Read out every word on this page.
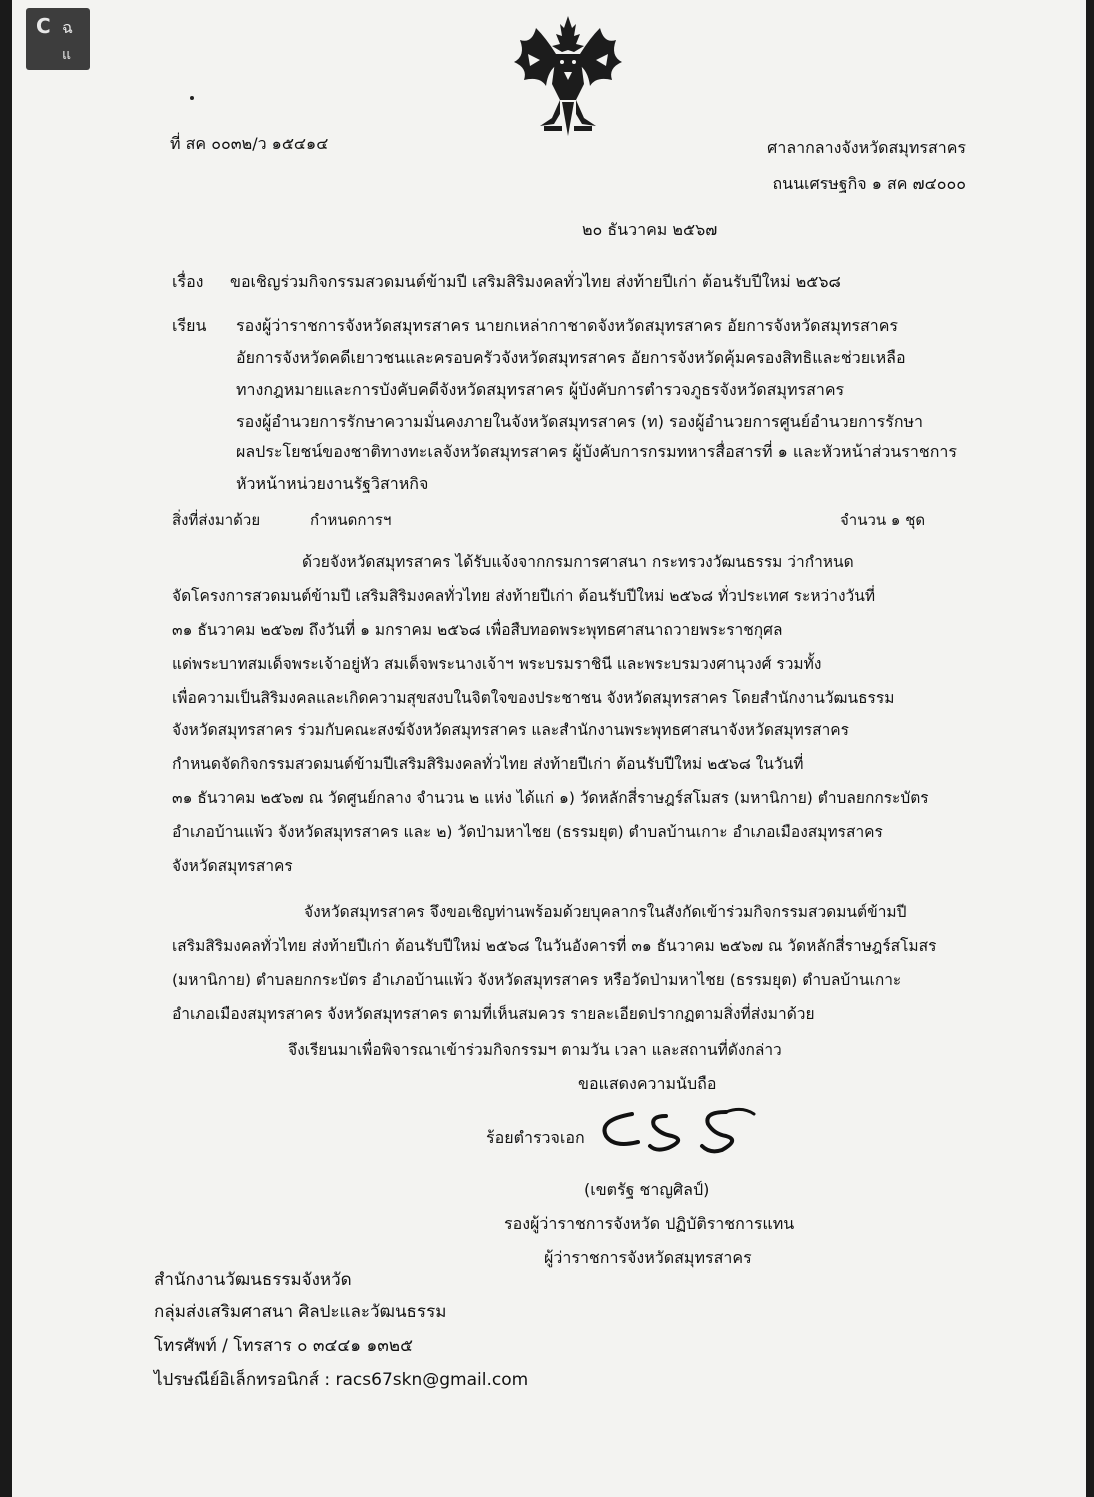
C ฉ
แ
ที่ สค ๐๐๓๒/ว ๑๕๔๑๔	ศาลากลางจังหวัดสมุทรสาคร
ถนนเศรษฐกิจ ๑ สค ๗๔๐๐๐
๒๐ ธันวาคม ๒๕๖๗
เรื่อง ขอเชิญร่วมกิจกรรมสวดมนต์ข้ามปี เสริมสิริมงคลทั่วไทย ส่งท้ายปีเก่า ต้อนรับปีใหม่ ๒๕๖๘
เรียน รองผู้ว่าราชการจังหวัดสมุทรสาคร นายกเหล่ากาชาดจังหวัดสมุทรสาคร อัยการจังหวัดสมุทรสาคร
อัยการจังหวัดคดีเยาวชนและครอบครัวจังหวัดสมุทรสาคร อัยการจังหวัดคุ้มครองสิทธิและช่วยเหลือ
ทางกฎหมายและการบังคับคดีจังหวัดสมุทรสาคร ผู้บังคับการตำรวจภูธรจังหวัดสมุทรสาคร
รองผู้อำนวยการรักษาความมั่นคงภายในจังหวัดสมุทรสาคร (ท) รองผู้อำนวยการศูนย์อำนวยการรักษา
ผลประโยชน์ของชาติทางทะเลจังหวัดสมุทรสาคร ผู้บังคับการกรมทหารสื่อสารที่ ๑ และหัวหน้าส่วนราชการ
หัวหน้าหน่วยงานรัฐวิสาหกิจ
สิ่งที่ส่งมาด้วย	กำหนดการฯ	จำนวน ๑ ชุด
ด้วยจังหวัดสมุทรสาคร ได้รับแจ้งจากกรมการศาสนา กระทรวงวัฒนธรรม ว่ากำหนด
จัดโครงการสวดมนต์ข้ามปี เสริมสิริมงคลทั่วไทย ส่งท้ายปีเก่า ต้อนรับปีใหม่ ๒๕๖๘ ทั่วประเทศ ระหว่างวันที่
๓๑ ธันวาคม ๒๕๖๗ ถึงวันที่ ๑ มกราคม ๒๕๖๘ เพื่อสืบทอดพระพุทธศาสนาถวายพระราชกุศล
แด่พระบาทสมเด็จพระเจ้าอยู่หัว สมเด็จพระนางเจ้าฯ พระบรมราชินี และพระบรมวงศานุวงศ์ รวมทั้ง
เพื่อความเป็นสิริมงคลและเกิดความสุขสงบในจิตใจของประชาชน จังหวัดสมุทรสาคร โดยสำนักงานวัฒนธรรม
จังหวัดสมุทรสาคร ร่วมกับคณะสงฆ์จังหวัดสมุทรสาคร และสำนักงานพระพุทธศาสนาจังหวัดสมุทรสาคร
กำหนดจัดกิจกรรมสวดมนต์ข้ามปีเสริมสิริมงคลทั่วไทย ส่งท้ายปีเก่า ต้อนรับปีใหม่ ๒๕๖๘ ในวันที่
๓๑ ธันวาคม ๒๕๖๗ ณ วัดศูนย์กลาง จำนวน ๒ แห่ง ได้แก่ ๑) วัดหลักสี่ราษฎร์สโมสร (มหานิกาย) ตำบลยกกระบัตร
อำเภอบ้านแพ้ว จังหวัดสมุทรสาคร และ ๒) วัดป่ามหาไชย (ธรรมยุต) ตำบลบ้านเกาะ อำเภอเมืองสมุทรสาคร
จังหวัดสมุทรสาคร
จังหวัดสมุทรสาคร จึงขอเชิญท่านพร้อมด้วยบุคลากรในสังกัดเข้าร่วมกิจกรรมสวดมนต์ข้ามปี
เสริมสิริมงคลทั่วไทย ส่งท้ายปีเก่า ต้อนรับปีใหม่ ๒๕๖๘ ในวันอังคารที่ ๓๑ ธันวาคม ๒๕๖๗ ณ วัดหลักสี่ราษฎร์สโมสร
(มหานิกาย) ตำบลยกกระบัตร อำเภอบ้านแพ้ว จังหวัดสมุทรสาคร หรือวัดป่ามหาไชย (ธรรมยุต) ตำบลบ้านเกาะ
อำเภอเมืองสมุทรสาคร จังหวัดสมุทรสาคร ตามที่เห็นสมควร รายละเอียดปรากฏตามสิ่งที่ส่งมาด้วย
จึงเรียนมาเพื่อพิจารณาเข้าร่วมกิจกรรมฯ ตามวัน เวลา และสถานที่ดังกล่าว
ขอแสดงความนับถือ
ร้อยตำรวจเอก
(เขตรัฐ ชาญศิลป์)
รองผู้ว่าราชการจังหวัด ปฏิบัติราชการแทน
ผู้ว่าราชการจังหวัดสมุทรสาคร
สำนักงานวัฒนธรรมจังหวัด
กลุ่มส่งเสริมศาสนา ศิลปะและวัฒนธรรม
โทรศัพท์ / โทรสาร ๐ ๓๔๔๑ ๑๓๒๕
ไปรษณีย์อิเล็กทรอนิกส์ : racs67skn@gmail.com
